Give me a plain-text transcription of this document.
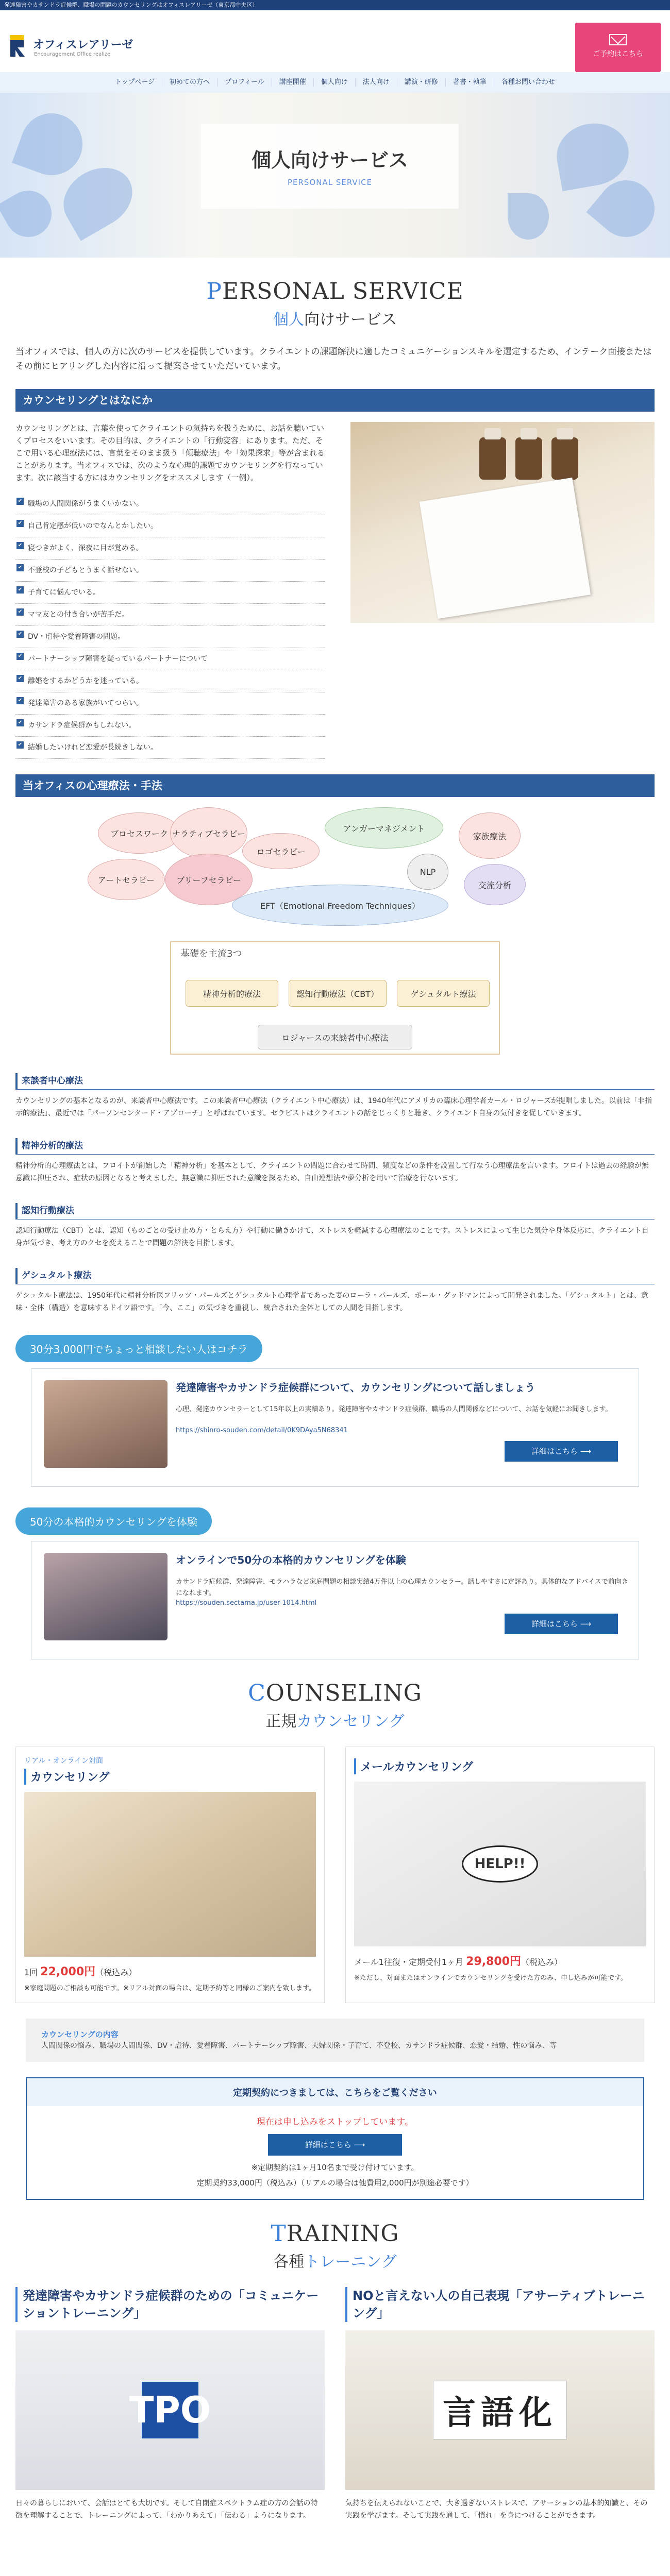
発達障害やカサンドラ症候群、職場の問題のカウンセリングはオフィスレアリーゼ（東京都中央区）
オフィスレアリーゼ
Encouragement Office realize	ご予約はこちら
トップページ	初めての方へ	プロフィール	講座開催	個人向け	法人向け	講演・研修	著書・執筆	各種お問い合わせ
個人向けサービス
PERSONAL SERVICE
PERSONAL SERVICE
個人向けサービス
当オフィスでは、個人の方に次のサービスを提供しています。クライエントの課題解決に適したコミュニケーションスキルを選定するため、インテーク面接またはその前にヒアリングした内容に沿って提案させていただいています。
カウンセリングとはなにか

カウンセリングとは、言葉を使ってクライエントの気持ちを扱うために、お話を聴いていくプロセスをいいます。その目的は、クライエントの「行動変容」にあります。ただ、そこで用いる心理療法には、言葉をそのまま扱う「傾聴療法」や「効果探求」等が含まれることがあります。当オフィスでは、次のような心理的課題でカウンセリングを行なっています。次に該当する方にはカウンセリングをオススメします（一例）。

✔ 職場の人間関係がうまくいかない。
✔ 自己肯定感が低いのでなんとかしたい。
✔ 寝つきがよく、深夜に目が覚める。
✔ 不登校の子どもとうまく話せない。
✔ 子育てに悩んでいる。
✔ ママ友との付き合いが苦手だ。
✔ DV・虐待や愛着障害の問題。
✔ パートナーシップ障害を疑っているパートナーについて
✔ 離婚をするかどうかを迷っている。
✔ 発達障害のある家族がいてつらい。
✔ カサンドラ症候群かもしれない。
✔ 結婚したいけれど恋愛が長続きしない。
当オフィスの心理療法・手法
ブロセスワーク ナラティブセラピー
ロゴセラピー
アンガーマネジメント
家族療法
アートセラピー	ブリーフセラピー
NLP
交流分析
EFT（Emotional Freedom Techniques）
基礎を主流3つ
精神分析的療法	認知行動療法（CBT）	ゲシュタルト療法
ロジャースの来談者中心療法
来談者中心療法

カウンセリングの基本となるのが、来談者中心療法です。この来談者中心療法（クライエント中心療法）は、1940年代にアメリカの臨床心理学者カール・ロジャーズが提唱しました。以前は「非指示的療法」、最近では「パーソンセンタード・アプローチ」と呼ばれています。セラピストはクライエントの話をじっくりと聴き、クライエント自身の気付きを促していきます。

精神分析的療法

精神分析的心理療法とは、フロイトが創始した「精神分析」を基本として、クライエントの問題に合わせて時間、頻度などの条件を設置して行なう心理療法を言います。フロイトは過去の経験が無意識に抑圧され、症状の原因となると考えました。無意識に抑圧された意識を探るため、自由連想法や夢分析を用いて治療を行ないます。

認知行動療法

認知行動療法（CBT）とは、認知（ものごとの受け止め方・とらえ方）や行動に働きかけて、ストレスを軽減する心理療法のことです。ストレスによって生じた気分や身体反応に、クライエント自身が気づき、考え方のクセを変えることで問題の解決を目指します。

ゲシュタルト療法

ゲシュタルト療法は、1950年代に精神分析医フリッツ・パールズとゲシュタルト心理学者であった妻のローラ・パールズ、ポール・グッドマンによって開発されました。「ゲシュタルト」とは、意味・全体（構造）を意味するドイツ語です。「今、ここ」の気づきを重視し、統合された全体としての人間を目指します。

30分3,000円でちょっと相談したい人はコチラ
発達障害やカサンドラ症候群について、カウンセリングについて話しましょう
心理、発達カウンセラーとして15年以上の実績あり。発達障害やカサンドラ症候群、職場の人間関係などについて、お話を気軽にお聞きします。
https://shinro-souden.com/detail/0K9DAya5N68341
詳細はこちら ⟶
50分の本格的カウンセリングを体験
オンラインで50分の本格的カウンセリングを体験
カサンドラ症候群、発達障害、モラハラなど家庭問題の相談実績4万件以上の心理カウンセラー。話しやすさに定評あり。具体的なアドバイスで前向きになれます。
https://souden.sectama.jp/user-1014.html
詳細はこちら ⟶
COUNSELING
正規カウンセリング
リアル・オンライン対面
カウンセリング
1回 22,000円（税込み）
※家庭問題のご相談も可能です。※リアル対面の場合は、定期予約等と同様のご案内を致します。
メールカウンセリング
HELP!!
メール1往復・定期受付1ヶ月 29,800円（税込み）
※ただし、対面またはオンラインでカウンセリングを受けた方のみ、申し込みが可能です。
カウンセリングの内容

人間関係の悩み、職場の人間関係、DV・虐待、愛着障害、パートナーシップ障害、夫婦関係・子育て、不登校、カサンドラ症候群、恋愛・結婚、性の悩み、等

定期契約につきましては、こちらをご覧ください
現在は申し込みをストップしています。
詳細はこちら ⟶
※定期契約は1ヶ月10名まで受け付けています。
定期契約33,000円（税込み）（リアルの場合は他費用2,000円が別途必要です）
TRAINING
各種トレーニング
発達障害やカサンドラ症候群のための「コミュニケーショントレーニング」
TPO
日々の暮らしにおいて、会話はとても大切です。そして自閉症スペクトラム症の方の会話の特徴を理解することで、トレーニングによって、「わかりあえて」「伝わる」ようになります。
NOと言えない人の自己表現「アサーティブトレーニング」
言語化
気持ちを伝えられないことで、大き過ぎないストレスで、アサーションの基本的知識と、その実践を学びます。そして実践を通して、「慣れ」を身につけることができます。
